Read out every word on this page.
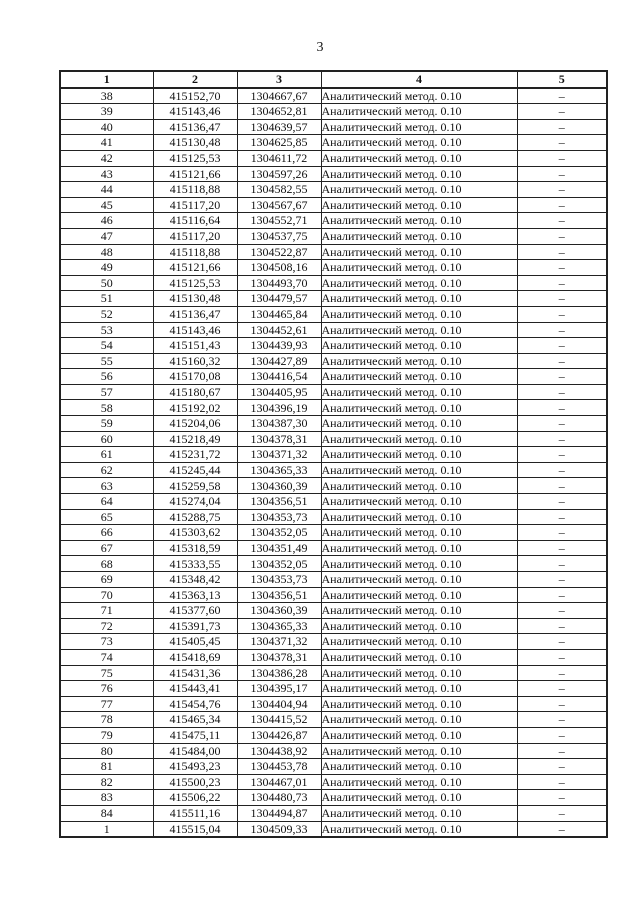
3
1	2	3	4	5
38	415152,70	1304667,67	Аналитический метод. 0.10	–
39	415143,46	1304652,81	Аналитический метод. 0.10	–
40	415136,47	1304639,57	Аналитический метод. 0.10	–
41	415130,48	1304625,85	Аналитический метод. 0.10	–
42	415125,53	1304611,72	Аналитический метод. 0.10	–
43	415121,66	1304597,26	Аналитический метод. 0.10	–
44	415118,88	1304582,55	Аналитический метод. 0.10	–
45	415117,20	1304567,67	Аналитический метод. 0.10	–
46	415116,64	1304552,71	Аналитический метод. 0.10	–
47	415117,20	1304537,75	Аналитический метод. 0.10	–
48	415118,88	1304522,87	Аналитический метод. 0.10	–
49	415121,66	1304508,16	Аналитический метод. 0.10	–
50	415125,53	1304493,70	Аналитический метод. 0.10	–
51	415130,48	1304479,57	Аналитический метод. 0.10	–
52	415136,47	1304465,84	Аналитический метод. 0.10	–
53	415143,46	1304452,61	Аналитический метод. 0.10	–
54	415151,43	1304439,93	Аналитический метод. 0.10	–
55	415160,32	1304427,89	Аналитический метод. 0.10	–
56	415170,08	1304416,54	Аналитический метод. 0.10	–
57	415180,67	1304405,95	Аналитический метод. 0.10	–
58	415192,02	1304396,19	Аналитический метод. 0.10	–
59	415204,06	1304387,30	Аналитический метод. 0.10	–
60	415218,49	1304378,31	Аналитический метод. 0.10	–
61	415231,72	1304371,32	Аналитический метод. 0.10	–
62	415245,44	1304365,33	Аналитический метод. 0.10	–
63	415259,58	1304360,39	Аналитический метод. 0.10	–
64	415274,04	1304356,51	Аналитический метод. 0.10	–
65	415288,75	1304353,73	Аналитический метод. 0.10	–
66	415303,62	1304352,05	Аналитический метод. 0.10	–
67	415318,59	1304351,49	Аналитический метод. 0.10	–
68	415333,55	1304352,05	Аналитический метод. 0.10	–
69	415348,42	1304353,73	Аналитический метод. 0.10	–
70	415363,13	1304356,51	Аналитический метод. 0.10	–
71	415377,60	1304360,39	Аналитический метод. 0.10	–
72	415391,73	1304365,33	Аналитический метод. 0.10	–
73	415405,45	1304371,32	Аналитический метод. 0.10	–
74	415418,69	1304378,31	Аналитический метод. 0.10	–
75	415431,36	1304386,28	Аналитический метод. 0.10	–
76	415443,41	1304395,17	Аналитический метод. 0.10	–
77	415454,76	1304404,94	Аналитический метод. 0.10	–
78	415465,34	1304415,52	Аналитический метод. 0.10	–
79	415475,11	1304426,87	Аналитический метод. 0.10	–
80	415484,00	1304438,92	Аналитический метод. 0.10	–
81	415493,23	1304453,78	Аналитический метод. 0.10	–
82	415500,23	1304467,01	Аналитический метод. 0.10	–
83	415506,22	1304480,73	Аналитический метод. 0.10	–
84	415511,16	1304494,87	Аналитический метод. 0.10	–
1	415515,04	1304509,33	Аналитический метод. 0.10	–
